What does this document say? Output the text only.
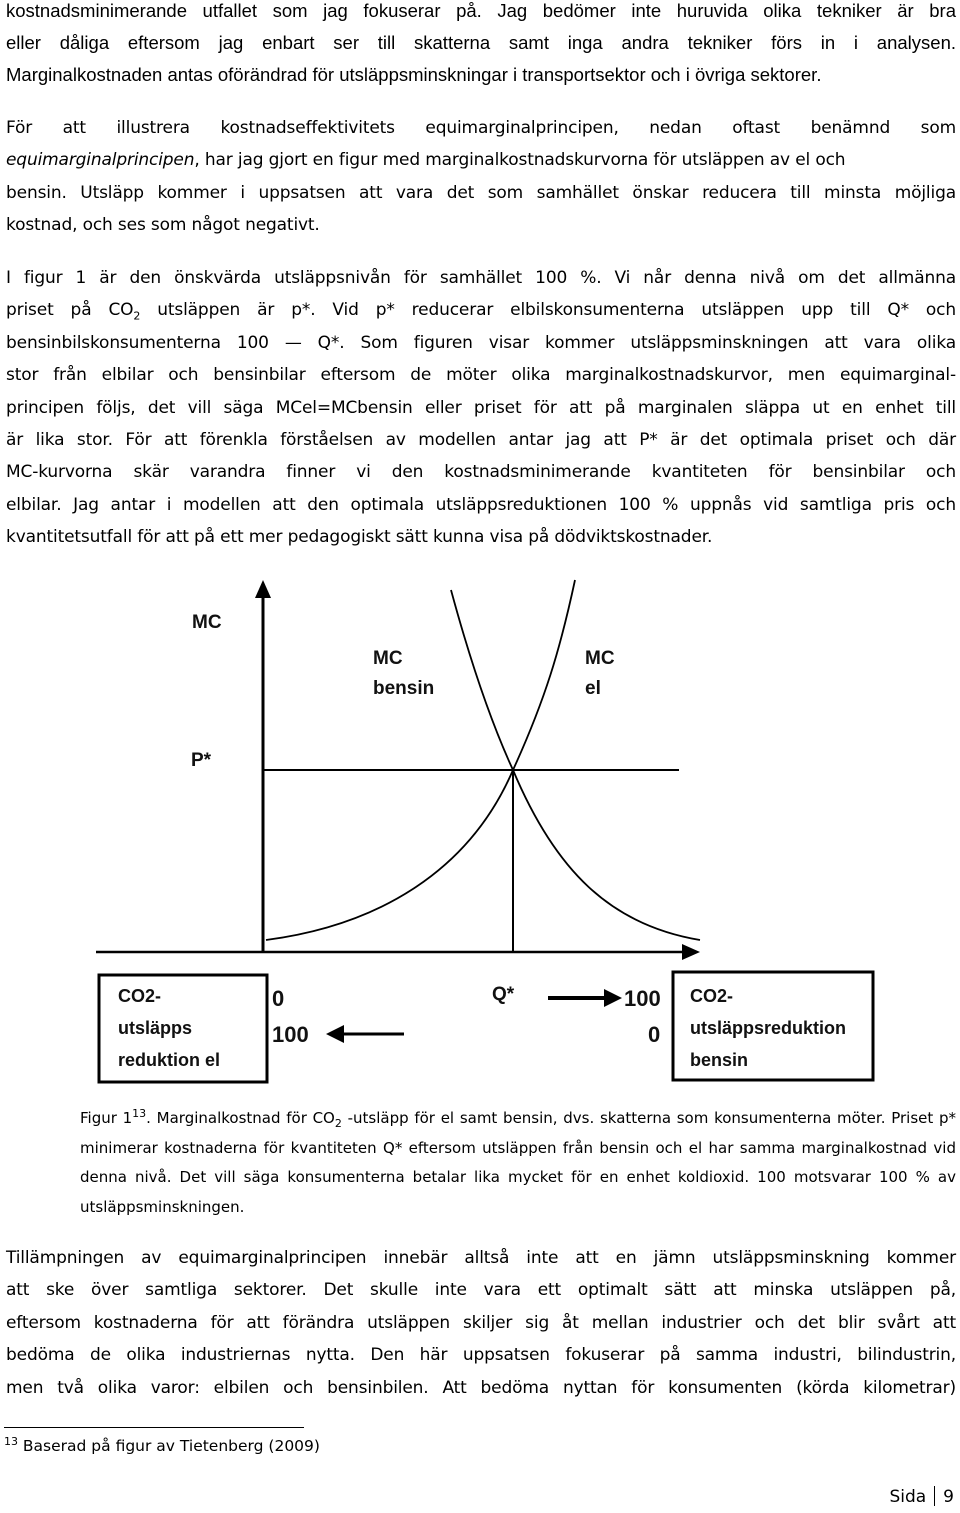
kostnadsminimerande utfallet som jag fokuserar på. Jag bedömer inte huruvida olika tekniker är bra
eller dåliga eftersom jag enbart ser till skatterna samt inga andra tekniker förs in i analysen.
Marginalkostnaden antas oförändrad för utsläppsminskningar i transportsektor och i övriga sektorer.
För att illustrera kostnadseffektivitets equimarginalprincipen, nedan oftast benämnd som
equimarginalprincipen, har jag gjort en figur med marginalkostnadskurvorna för utsläppen av el och
bensin. Utsläpp kommer i uppsatsen att vara det som samhället önskar reducera till minsta möjliga
kostnad, och ses som något negativt.
I figur 1 är den önskvärda utsläppsnivån för samhället 100 %. Vi når denna nivå om det allmänna
priset på $CO_2$ utsläppen är p*. Vid p* reducerar elbilskonsumenterna utsläppen upp till Q* och
bensinbilskonsumenterna 100 — Q*. Som figuren visar kommer utsläppsminskningen att vara olika
stor från elbilar och bensinbilar eftersom de möter olika marginalkostnadskurvor, men equimarginal-
principen följs, det vill säga MCel=MCbensin eller priset för att på marginalen släppa ut en enhet till
är lika stor. För att förenkla förståelsen av modellen antar jag att P* är det optimala priset och där
MC-kurvorna skär varandra finner vi den kostnadsminimerande kvantiteten för bensinbilar och
elbilar. Jag antar i modellen att den optimala utsläppsreduktionen 100 % uppnås vid samtliga pris och
kvantitetsutfall för att på ett mer pedagogiskt sätt kunna visa på dödviktskostnader.
MC
MC
bensin
MC
el
P*
CO2-
utsläpps
reduktion el
CO2-
utsläppsreduktion
bensin
0
100
Q*	100
0
Figur $1^{13}$. Marginalkostnad för $CO_2$ -utsläpp för el samt bensin, dvs. skatterna som konsumenterna möter. Priset p* minimerar kostnaderna för kvantiteten Q* eftersom utsläppen från bensin och el har samma marginalkostnad vid denna nivå. Det vill säga konsumenterna betalar lika mycket för en enhet koldioxid. 100 motsvarar 100 % av utsläppsminskningen.
Tillämpningen av equimarginalprincipen innebär alltså inte att en jämn utsläppsminskning kommer
att ske över samtliga sektorer. Det skulle inte vara ett optimalt sätt att minska utsläppen på,
eftersom kostnaderna för att förändra utsläppen skiljer sig åt mellan industrier och det blir svårt att
bedöma de olika industriernas nytta. Den här uppsatsen fokuserar på samma industri, bilindustrin,
men två olika varor: elbilen och bensinbilen. Att bedöma nyttan för konsumenten (körda kilometrar)
$^{13}$ Baserad på figur av Tietenberg (2009)
Sida 9
